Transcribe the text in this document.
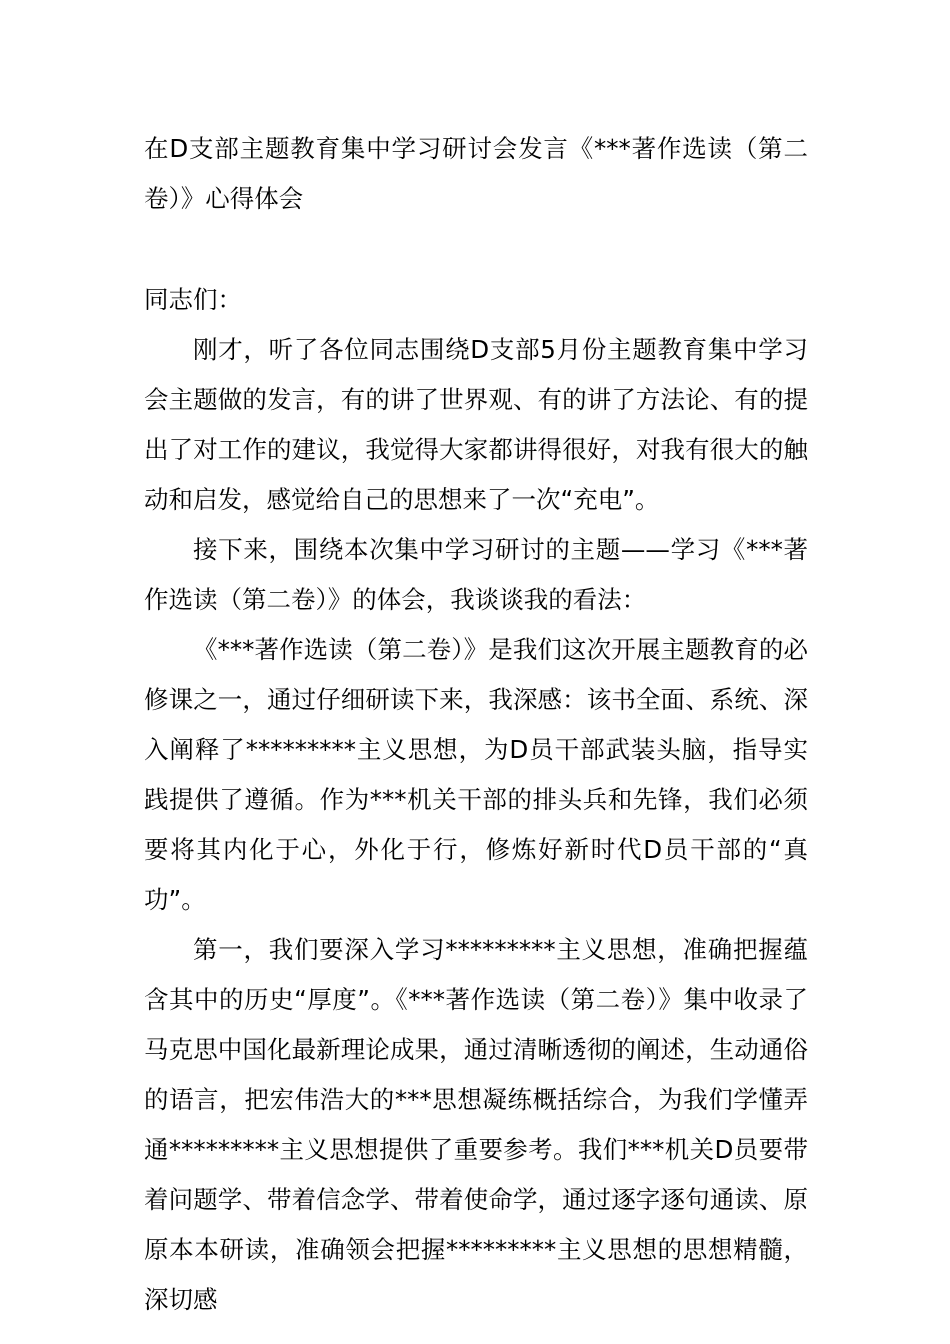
在D支部主题教育集中学习研讨会发言《***著作选读（第二卷）》心得体会

同志们：

刚才，听了各位同志围绕D支部5月份主题教育集中学习会主题做的发言，有的讲了世界观、有的讲了方法论、有的提出了对工作的建议，我觉得大家都讲得很好，对我有很大的触动和启发，感觉给自己的思想来了一次“充电”。

接下来，围绕本次集中学习研讨的主题——学习《***著作选读（第二卷）》的体会，我谈谈我的看法：

《***著作选读（第二卷）》是我们这次开展主题教育的必修课之一，通过仔细研读下来，我深感：该书全面、系统、深入阐释了*********主义思想，为D员干部武装头脑，指导实践提供了遵循。作为***机关干部的排头兵和先锋，我们必须要将其内化于心，外化于行，修炼好新时代D员干部的“真功”。

第一，我们要深入学习*********主义思想，准确把握蕴含其中的历史“厚度”。《***著作选读（第二卷）》集中收录了马克思中国化最新理论成果，通过清晰透彻的阐述，生动通俗的语言，把宏伟浩大的***思想凝练概括综合，为我们学懂弄通*********主义思想提供了重要参考。我们***机关D员要带着问题学、带着信念学、带着使命学，通过逐字逐句通读、原原本本研读，准确领会把握*********主义思想的思想精髓，深切感
